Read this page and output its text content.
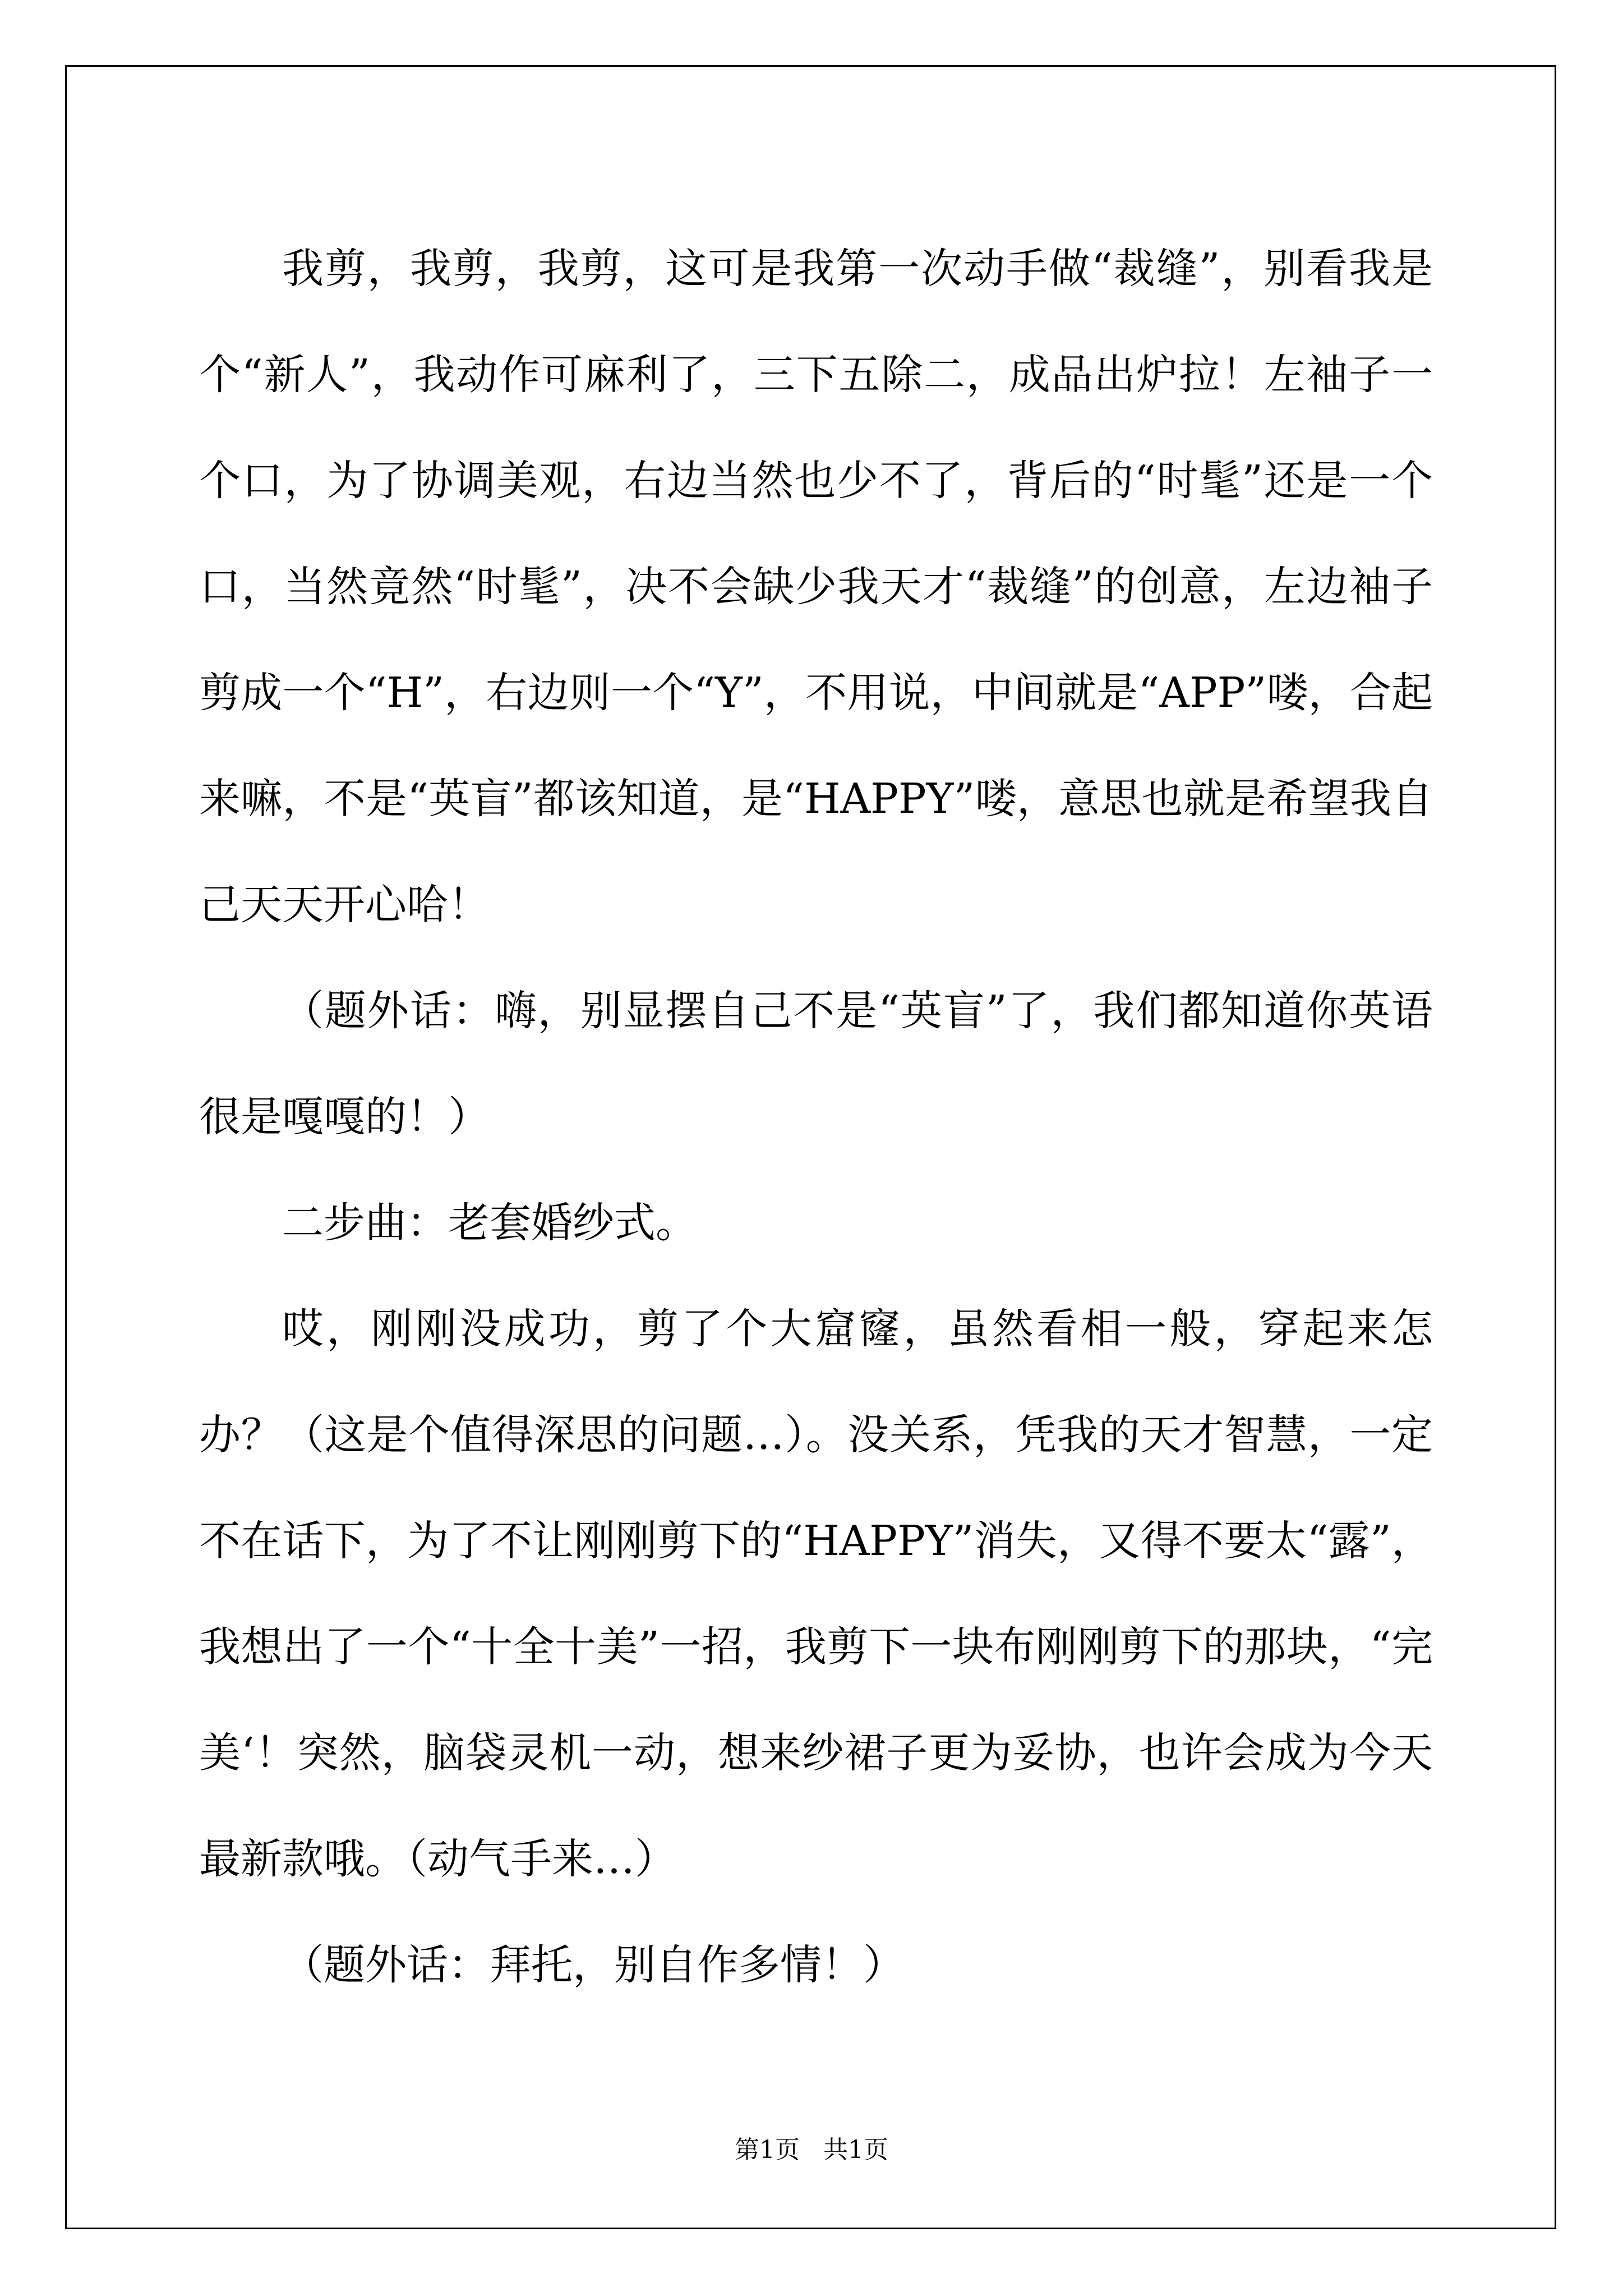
我剪，我剪，我剪，这可是我第一次动手做“裁缝”，别看我是个“新人”，我动作可麻利了，三下五除二，成品出炉拉！左袖子一个口，为了协调美观，右边当然也少不了，背后的“时髦”还是一个口，当然竟然“时髦”，决不会缺少我天才“裁缝”的创意，左边袖子剪成一个“H”，右边则一个“Y”，不用说，中间就是“APP”喽，合起来嘛，不是“英盲”都该知道，是“HAPPY”喽，意思也就是希望我自己天天开心哈！

（题外话：嗨，别显摆自己不是“英盲”了，我们都知道你英语很是嘎嘎的！）

二步曲：老套婚纱式。

哎，刚刚没成功，剪了个大窟窿，虽然看相一般，穿起来怎办？（这是个值得深思的问题…）。没关系，凭我的天才智慧，一定不在话下，为了不让刚刚剪下的“HAPPY”消失，又得不要太“露”，我想出了一个“十全十美”一招，我剪下一块布刚刚剪下的那块，“完美‘！突然，脑袋灵机一动，想来纱裙子更为妥协，也许会成为今天最新款哦。（动气手来…）

（题外话：拜托，别自作多情！）

第1页   共1页
